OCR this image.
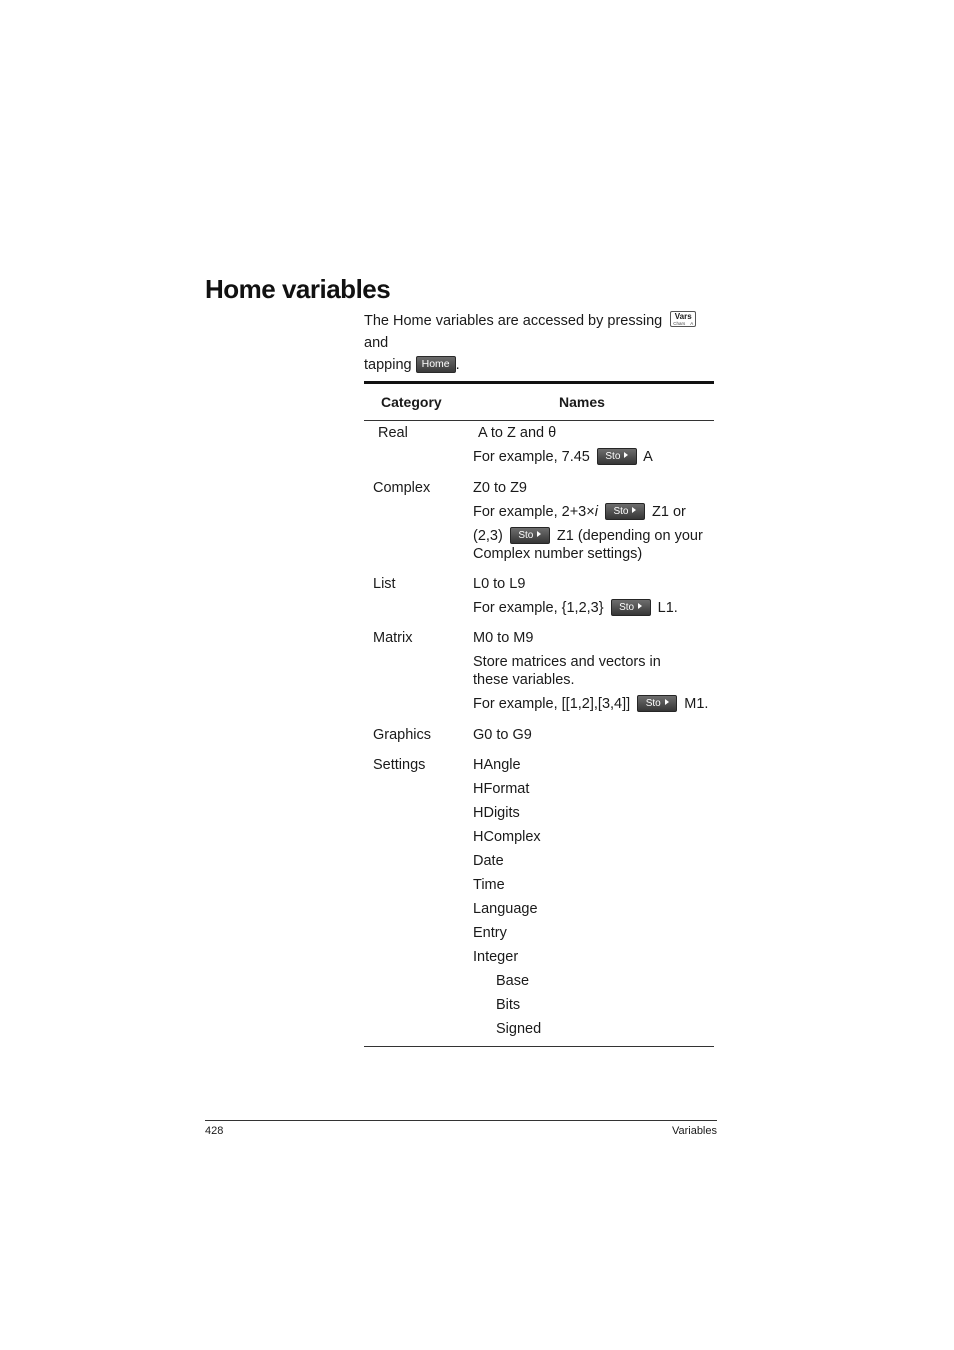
Home variables
The Home variables are accessed by pressing	Vars
Chars A
and
tapping Home .
Category	Names
Real	A to Z and θ
For example, 7.45 Sto A
Complex	Z0 to Z9
For example, 2+3×i Sto Z1 or
(2,3) Sto Z1 (depending on your Complex number settings)
List	L0 to L9
For example, {1,2,3} Sto L1.
Matrix	M0 to M9
Store matrices and vectors in these variables.
For example, [[1,2],[3,4]] Sto M1.
Graphics	G0 to G9
Settings	HAngle
HFormat
HDigits
HComplex
Date
Time
Language
Entry
Integer
Base
Bits
Signed
428	Variables
